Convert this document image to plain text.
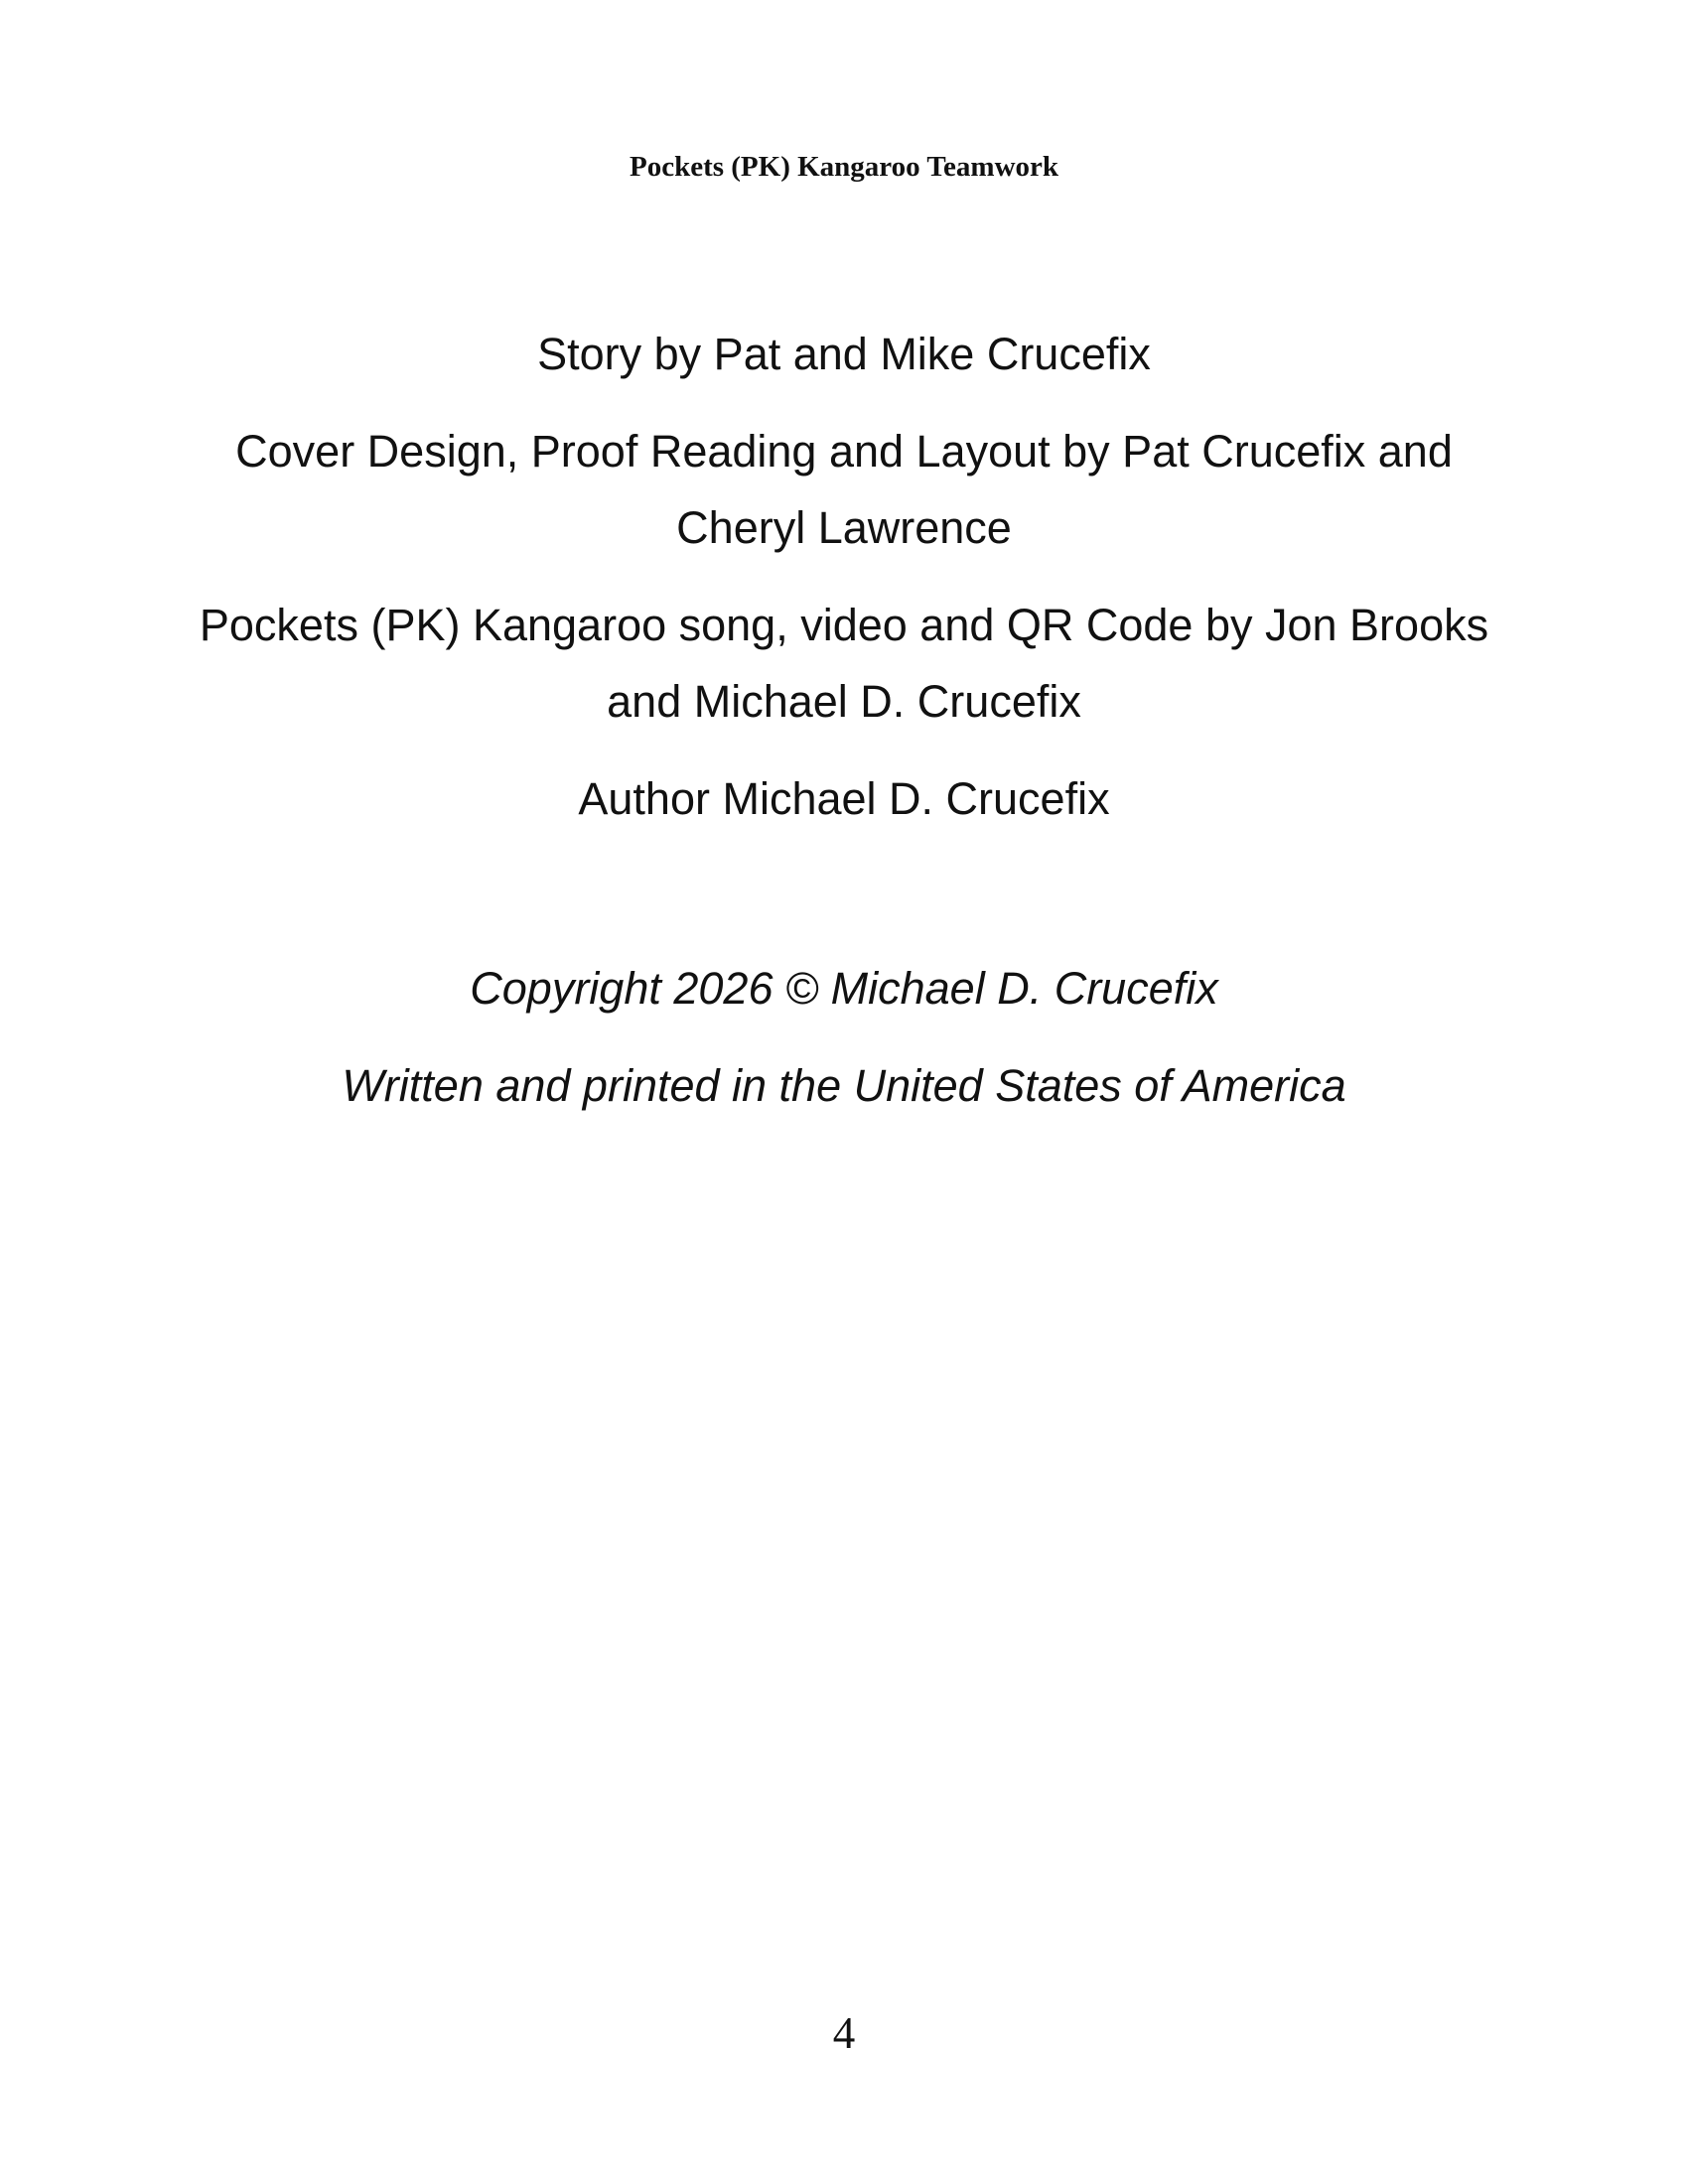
Pockets (PK) Kangaroo Teamwork

Story by Pat and Mike Crucefix

Cover Design, Proof Reading and Layout by Pat Crucefix and Cheryl Lawrence

Pockets (PK) Kangaroo song, video and QR Code by Jon Brooks and Michael D. Crucefix

Author Michael D. Crucefix

Copyright 2026 © Michael D. Crucefix

Written and printed in the United States of America

4
